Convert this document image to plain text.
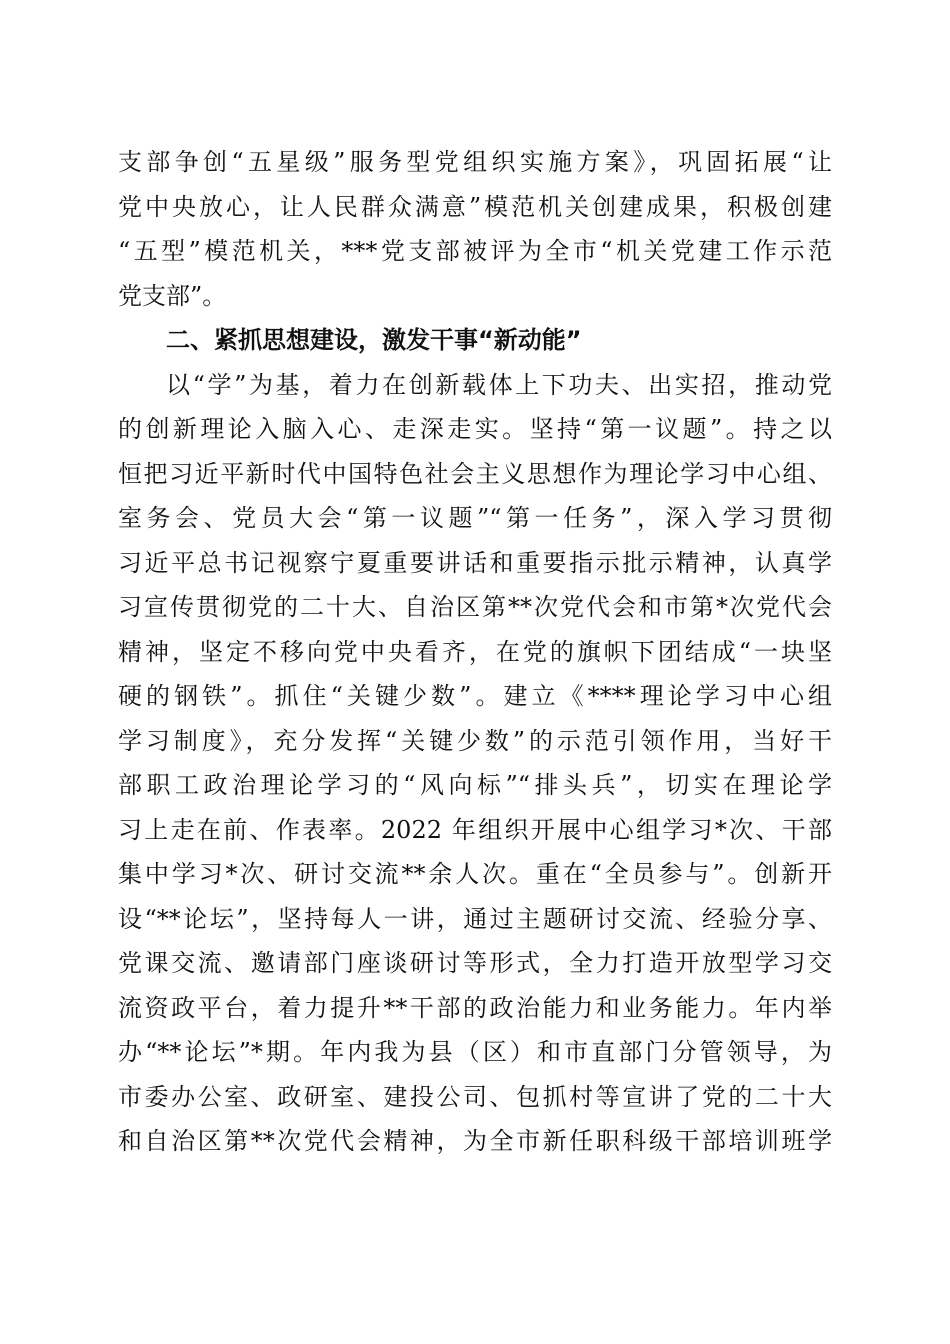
支部争创“五星级”服务型党组织实施方案》，巩固拓展“让
党中央放心，让人民群众满意”模范机关创建成果，积极创建
“五型”模范机关，***党支部被评为全市“机关党建工作示范
党支部”。
二、紧抓思想建设，激发干事“新动能”
以“学”为基，着力在创新载体上下功夫、出实招，推动党
的创新理论入脑入心、走深走实。坚持“第一议题”。持之以
恒把习近平新时代中国特色社会主义思想作为理论学习中心组、
室务会、党员大会“第一议题”“第一任务”，深入学习贯彻
习近平总书记视察宁夏重要讲话和重要指示批示精神，认真学
习宣传贯彻党的二十大、自治区第**次党代会和市第*次党代会
精神，坚定不移向党中央看齐，在党的旗帜下团结成“一块坚
硬的钢铁”。抓住“关键少数”。建立《****理论学习中心组
学习制度》，充分发挥“关键少数”的示范引领作用，当好干
部职工政治理论学习的“风向标”“排头兵”，切实在理论学
习上走在前、作表率。2022 年组织开展中心组学习*次、干部
集中学习*次、研讨交流**余人次。重在“全员参与”。创新开
设“**论坛”，坚持每人一讲，通过主题研讨交流、经验分享、
党课交流、邀请部门座谈研讨等形式，全力打造开放型学习交
流资政平台，着力提升**干部的政治能力和业务能力。年内举
办“**论坛”*期。年内我为县（区）和市直部门分管领导，为
市委办公室、政研室、建投公司、包抓村等宣讲了党的二十大
和自治区第**次党代会精神，为全市新任职科级干部培训班学
